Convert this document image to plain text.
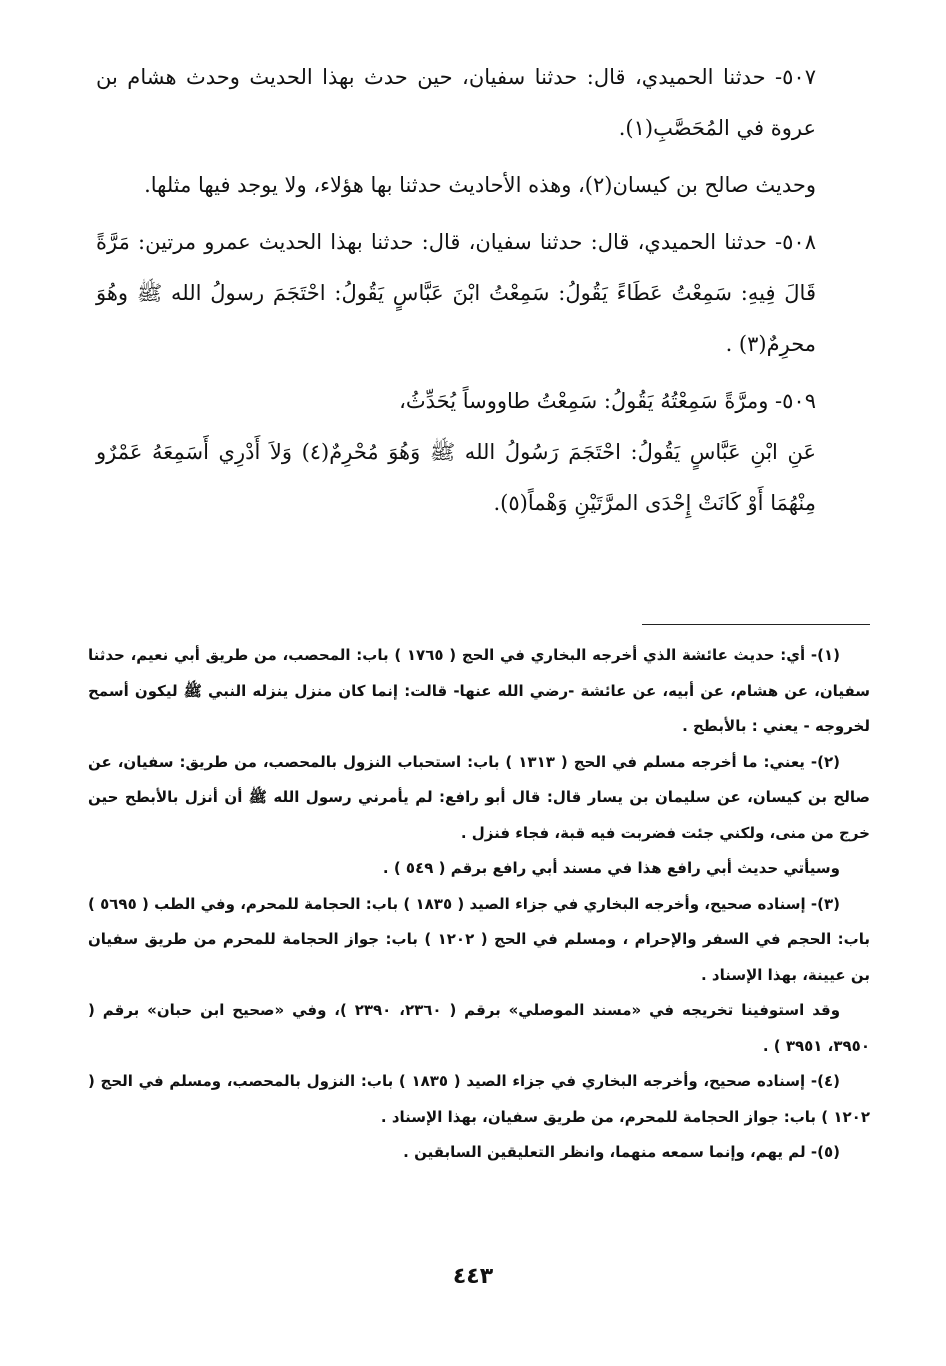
٥٠٧- حدثنا الحميدي، قال: حدثنا سفيان، حين حدث بهذا الحديث وحدث هشام بن عروة في المُحَصَّبِ(١).

وحديث صالح بن كيسان(٢)، وهذه الأحاديث حدثنا بها هؤلاء، ولا يوجد فيها مثلها.

٥٠٨- حدثنا الحميدي، قال: حدثنا سفيان، قال: حدثنا بهذا الحديث عمرو مرتين: مَرَّةً قَالَ فِيهِ: سَمِعْتُ عَطَاءً يَقُولُ: سَمِعْتُ ابْنَ عَبَّاسٍ يَقُولُ: احْتَجَمَ رسولُ الله ﷺ وهُوَ محرِمٌ(٣) .

٥٠٩- ومرَّةً سَمِعْتُهُ يَقُولُ: سَمِعْتُ طاووساً يُحَدِّثُ،

عَنِ ابْنِ عَبَّاسٍ يَقُولُ: احْتَجَمَ رَسُولُ الله ﷺ وَهُوَ مُحْرِمٌ(٤) وَلاَ أَدْرِي أَسَمِعَهُ عَمْرٌو مِنْهُمَا أَوْ كَانَتْ إِحْدَى المرَّتَيْنِ وَهْماً(٥).

(١)- أي: حديث عائشة الذي أخرجه البخاري في الحج ( ١٧٦٥ ) باب: المحصب، من طريق أبي نعيم، حدثنا سفيان، عن هشام، عن أبيه، عن عائشة -رضي الله عنها- قالت: إنما كان منزل ينزله النبي ﷺ ليكون أسمح لخروجه - يعني : بالأبطح .

(٢)- يعني: ما أخرجه مسلم في الحج ( ١٣١٣ ) باب: استحباب النزول بالمحصب، من طريق: سفيان، عن صالح بن كيسان، عن سليمان بن يسار قال: قال أبو رافع: لم يأمرني رسول الله ﷺ أن أنزل بالأبطح حين خرج من منى، ولكني جئت فضربت فيه قبة، فجاء فنزل .

وسيأتي حديث أبي رافع هذا في مسند أبي رافع برقم ( ٥٤٩ ) .

(٣)- إسناده صحيح، وأخرجه البخاري في جزاء الصيد ( ١٨٣٥ ) باب: الحجامة للمحرم، وفي الطب ( ٥٦٩٥ ) باب: الحجم في السفر والإحرام ، ومسلم في الحج ( ١٢٠٢ ) باب: جواز الحجامة للمحرم من طريق سفيان بن عيينة، بهذا الإسناد .

وقد استوفينا تخريجه في «مسند الموصلي» برقم ( ٢٣٦٠، ٢٣٩٠ )، وفي «صحيح ابن حبان» برقم ( ٣٩٥٠، ٣٩٥١ ) .

(٤)- إسناده صحيح، وأخرجه البخاري في جزاء الصيد ( ١٨٣٥ ) باب: النزول بالمحصب، ومسلم في الحج ( ١٢٠٢ ) باب: جواز الحجامة للمحرم، من طريق سفيان، بهذا الإسناد .

(٥)- لم يهم، وإنما سمعه منهما، وانظر التعليقين السابقين .

٤٤٣
